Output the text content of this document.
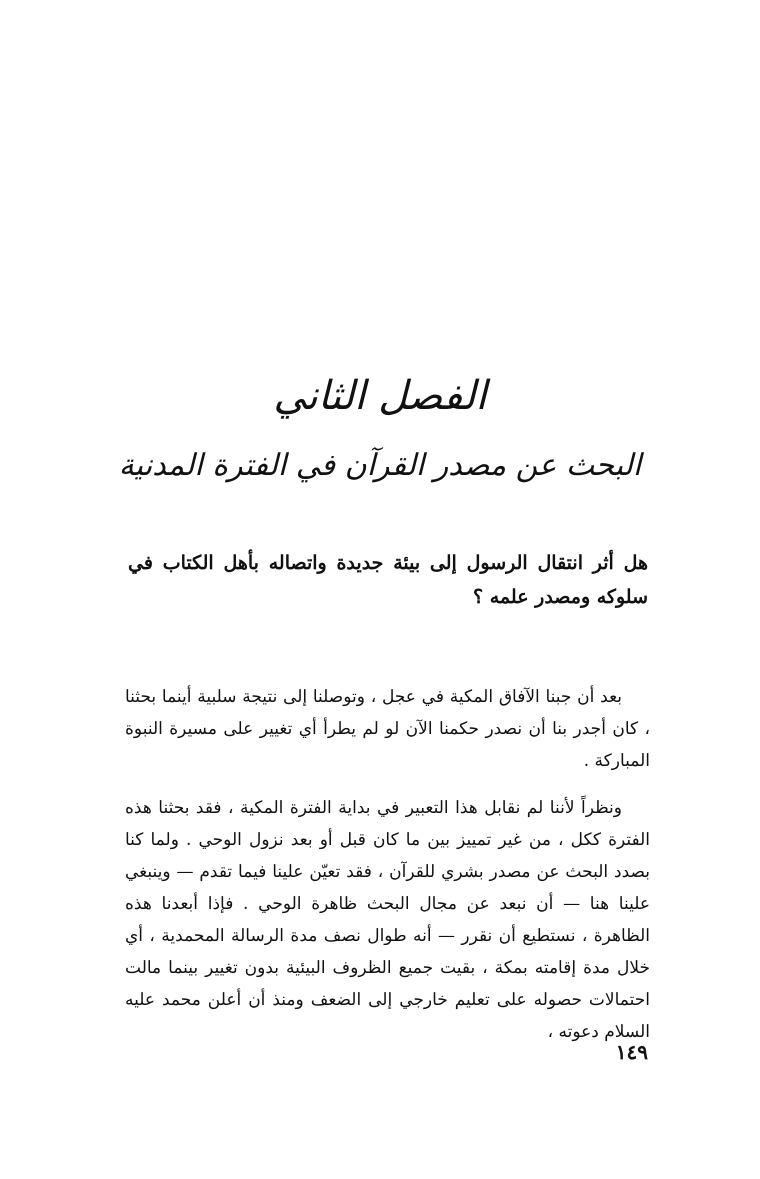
الفصل الثاني
البحث عن مصدر القرآن في الفترة المدنية
هل أثر انتقال الرسول إلى بيئة جديدة واتصاله بأهل الكتاب في سلوكه ومصدر علمه ؟

بعد أن جبنا الآفاق المكية في عجل ، وتوصلنا إلى نتيجة سلبية أينما بحثنا ، كان أجدر بنا أن نصدر حكمنا الآن لو لم يطرأ أي تغيير على مسيرة النبوة المباركة .

ونظراً لأننا لم نقابل هذا التعبير في بداية الفترة المكية ، فقد بحثنا هذه الفترة ككل ، من غير تمييز بين ما كان قبل أو بعد نزول الوحي . ولما كنا بصدد البحث عن مصدر بشري للقرآن ، فقد تعيّن علينا فيما تقدم — وينبغي علينا هنا — أن نبعد عن مجال البحث ظاهرة الوحي . فإذا أبعدنا هذه الظاهرة ، نستطيع أن نقرر — أنه طوال نصف مدة الرسالة المحمدية ، أي خلال مدة إقامته بمكة ، بقيت جميع الظروف البيئية بدون تغيير بينما مالت احتمالات حصوله على تعليم خارجي إلى الضعف ومنذ أن أعلن محمد عليه السلام دعوته ،

١٤٩
